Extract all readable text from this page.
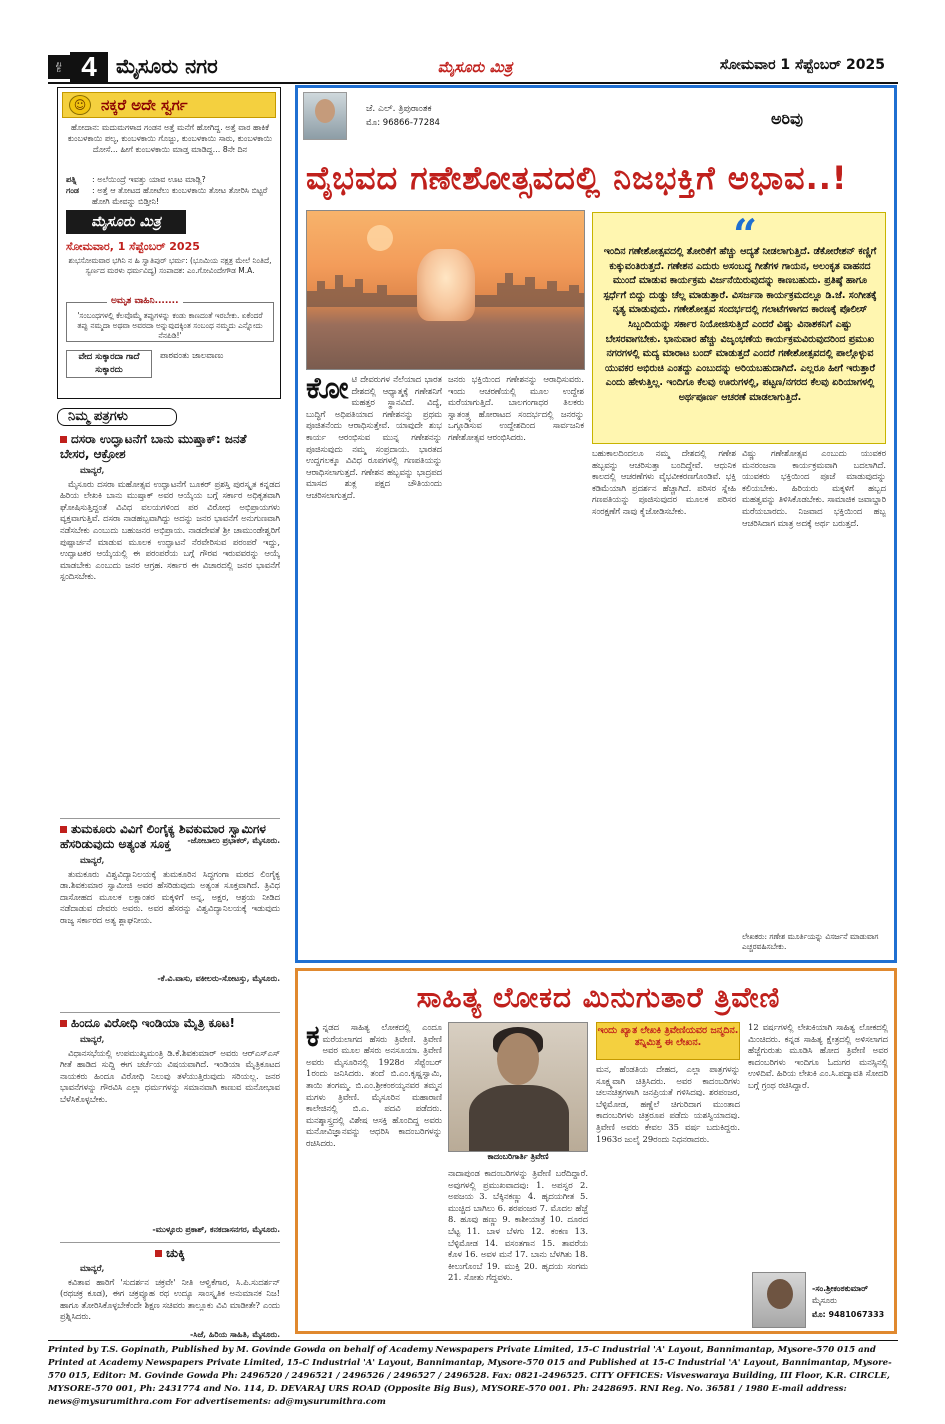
ಪುಟ 4 ಮೈಸೂರು ನಗರ	ಮೈಸೂರು ಮಿತ್ರ	ಸೋಮವಾರ 1 ಸೆಪ್ಟೆಂಬರ್ 2025
☺ ನಕ್ಕರೆ ಅದೇ ಸ್ವರ್ಗ
ಹೋದಾನ: ಮದುಮಗಳಾದ ಗಂಡನ ಅತ್ತೆ ಮನೆಗೆ ಹೋಗಿದ್ದ. ಅತ್ತೆ ವಾರ ಹಾಕಿಕೆ ಕುಂಬಳಕಾಯಿ ಪಲ್ಯ, ಕುಂಬಳಕಾಯಿ ಗೊಜ್ಜು, ಕುಂಬಳಕಾಯಿ ಸಾರು, ಕುಂಬಳಕಾಯಿ ದೋಸೆ... ಹೀಗೆ ಕುಂಬಳಕಾಯಿ ಮಾಡ್ತ ಮಾಡಿದ್ದ... 8ನೇ ದಿನ
ಪತ್ನಿ	: ಅಲೆಯಿಂದ್ರೆ ಇವತ್ತು ಯಾವ ಊಟ ಮಾಡ್ಲಿ?
ಗಂಡ	: ಅತ್ತೆ ಆ ತೋಟದ ಹೋಟೆಲು ಕುಂಬಳಕಾಯಿ ತೋಟ ತೋರಿಸಿ ಬಿಟ್ಟರೆ ಹೋಗಿ ಮೇವನ್ನು ಬಿಡ್ತೀನಿ!
ಮೈಸೂರು ಮಿತ್ರ
ಸೋಮವಾರ, 1 ಸೆಪ್ಟೆಂಬರ್ 2025
ಶುಭಸೋಮವಾರ ಭಗಿನಿ ನ ಹಿ ಸ್ವಾತಿಪುರ್‌ ಭರ್ಮ: (ಭೂಮಿಯ ನಕ್ಷತ್ರ ಮೇಲೆ ನಿಂತಿದೆ, ಸ್ವರ್ಣದ ಮರಳು ಧರ್ಮವಿದ್ಯ) ಸಂಪಾದಕ: ಎಂ.ಗೋವಿಂದೇಗೌಡ M.A.
ಅಮೃತ ವಾಹಿನಿ.......
'ಸಂಬಂಧಗಳಲ್ಲಿ ಕೆಲವೊಮ್ಮೆ ತಪ್ಪುಗಳನ್ನು ಕಂಡು ಕಾಣದಂತೆ ಇರಬೇಕು. ಏಕೆಂದರೆ ತಪ್ಪು ನಮ್ಮದಾ ಅಥವಾ ಅವರದಾ ಅನ್ನುವುದಕ್ಕಿಂತ ಸಂಬಂಧ ನಮ್ಮದು ಎನ್ನೋದು ನೆನಪಿಡಿ!'
ವೇದ ಸುಕ್ಕಾರದಾ ಗಾದೆ ಸುಕ್ಕಾರದು
ಪಾಠವಂತು ಜಾಲವಾಣು
ನಿಮ್ಮ ಪತ್ರಗಳು
ದಸರಾ ಉದ್ಘಾಟನೆಗೆ ಬಾನು ಮುಷ್ತಾಕ್: ಜನತೆ ಬೇಸರ, ಆಕ್ರೋಶ

ಮಾನ್ಯರೆ,

ಮೈಸೂರು ದಸರಾ ಮಹೋತ್ಸವ ಉದ್ಘಾಟನೆಗೆ ಬೂಕರ್ ಪ್ರಶಸ್ತಿ ಪುರಸ್ಕೃತ ಕನ್ನಡದ ಹಿರಿಯ ಲೇಖಕಿ ಬಾನು ಮುಷ್ತಾಕ್ ಅವರ ಆಯ್ಕೆಯ ಬಗ್ಗೆ ಸರ್ಕಾರ ಅಧಿಕೃತವಾಗಿ ಘೋಷಿಸುತ್ತಿದ್ದಂತೆ ವಿವಿಧ ವಲಯಗಳಿಂದ ಪರ ವಿರೋಧ ಅಭಿಪ್ರಾಯಗಳು ವ್ಯಕ್ತವಾಗುತ್ತಿವೆ. ದಸರಾ ನಾಡಹಬ್ಬವಾಗಿದ್ದು ಅದನ್ನು ಜನರ ಭಾವನೆಗೆ ಅನುಗುಣವಾಗಿ ನಡೆಸಬೇಕು ಎಂಬುದು ಬಹುಜನರ ಅಭಿಪ್ರಾಯ. ನಾಡದೇವತೆ ಶ್ರೀ ಚಾಮುಂಡೇಶ್ವರಿಗೆ ಪುಷ್ಪಾರ್ಚನೆ ಮಾಡುವ ಮೂಲಕ ಉದ್ಘಾಟನೆ ನೆರವೇರಿಸುವ ಪರಂಪರೆ ಇದ್ದು, ಉದ್ಘಾಟಕರ ಆಯ್ಕೆಯಲ್ಲಿ ಈ ಪರಂಪರೆಯ ಬಗ್ಗೆ ಗೌರವ ಇರುವವರನ್ನು ಆಯ್ಕೆ ಮಾಡಬೇಕು ಎಂಬುದು ಜನರ ಆಗ್ರಹ. ಸರ್ಕಾರ ಈ ವಿಚಾರದಲ್ಲಿ ಜನರ ಭಾವನೆಗೆ ಸ್ಪಂದಿಸಬೇಕು.

-ಜೋಬಾಲು ಪ್ರಭಾಕರ್, ಮೈಸೂರು.
ತುಮಕೂರು ವಿವಿಗೆ ಲಿಂಗೈಕ್ಯ ಶಿವಕುಮಾರ ಸ್ವಾಮಿಗಳ ಹೆಸರಿಡುವುದು ಅತ್ಯಂತ ಸೂಕ್ತ

ಮಾನ್ಯರೆ,

ತುಮಕೂರು ವಿಶ್ವವಿದ್ಯಾನಿಲಯಕ್ಕೆ ತುಮಕೂರಿನ ಸಿದ್ಧಗಂಗಾ ಮಠದ ಲಿಂಗೈಕ್ಯ ಡಾ.ಶಿವಕುಮಾರ ಸ್ವಾಮೀಜಿ ಅವರ ಹೆಸರಿಡುವುದು ಅತ್ಯಂತ ಸೂಕ್ತವಾಗಿದೆ. ತ್ರಿವಿಧ ದಾಸೋಹದ ಮೂಲಕ ಲಕ್ಷಾಂತರ ಮಕ್ಕಳಿಗೆ ಅನ್ನ, ಅಕ್ಷರ, ಆಶ್ರಯ ನೀಡಿದ ನಡೆದಾಡುವ ದೇವರು ಅವರು. ಅವರ ಹೆಸರನ್ನು ವಿಶ್ವವಿದ್ಯಾನಿಲಯಕ್ಕೆ ಇಡುವುದು ರಾಜ್ಯ ಸರ್ಕಾರದ ಅತ್ಯ ಶ್ಲಾಘನೀಯ.

-ಕೆ.ವಿ.ವಾಸು, ವಕೀಲರು-ಸೋಟಸ್ತು, ಮೈಸೂರು.
ಹಿಂದೂ ವಿರೋಧಿ ಇಂಡಿಯಾ ಮೈತ್ರಿ ಕೂಟ!

ಮಾನ್ಯರೆ,

ವಿಧಾನಸಭೆಯಲ್ಲಿ ಉಪಮುಖ್ಯಮಂತ್ರಿ ಡಿ.ಕೆ.ಶಿವಕುಮಾರ್ ಅವರು ಆರ್‌ಎಸ್‌ಎಸ್ ಗೀತೆ ಹಾಡಿದ ಸುದ್ದಿ ಈಗ ಚರ್ಚೆಯ ವಿಷಯವಾಗಿದೆ. ಇಂಡಿಯಾ ಮೈತ್ರಿಕೂಟದ ನಾಯಕರು ಹಿಂದೂ ವಿರೋಧಿ ನಿಲುವು ತಳೆಯುತ್ತಿರುವುದು ಸರಿಯಲ್ಲ. ಜನರ ಭಾವನೆಗಳನ್ನು ಗೌರವಿಸಿ ಎಲ್ಲಾ ಧರ್ಮಗಳನ್ನು ಸಮಾನವಾಗಿ ಕಾಣುವ ಮನೋಭಾವ ಬೆಳೆಸಿಕೊಳ್ಳಬೇಕು.

-ಮುಳ್ಳೂರು ಪ್ರಕಾಶ್, ಕನಕದಾಸನಗರ, ಮೈಸೂರು.
ಚುಕ್ಕಿ

ಮಾನ್ಯರೆ,

ಕವಿತಾವ ಹಾರಿಗೆ 'ಸುದರ್ಶನ ಚಕ್ರವೇ' ನೀತಿ ಆಳ್ವಿಕೆಗಾರ, ಸಿ.ಪಿ.ಸುದರ್ಶನ್ (ರಥಚಕ್ರ ಕೂಡ), ಈಗ ಚಕ್ರವ್ಯೂಹ ರಥ ಉದ್ಯೂ ಸಾಂಸ್ಕೃತಿಕ ಅನುಮಾನಕ ನಿಜ! ಹಾಗೂ ತೋರಿಸಿಕೊಳ್ಳಬೇಕೆಂದೇ ಶಿಕ್ಷಣ ಸಚಿವರು ತಾಲ್ಲೂಕು ವಿವಿ ಮಾಡೀತೇ? ಎಂದು ಪ್ರಶ್ನಿಸಿದರು.

-ಸಿಜೆ, ಹಿರಿಯ ಸಾಹಿತಿ, ಮೈಸೂರು.
ಜೆ. ಎಲ್. ತ್ರಿಪುರಾಂತಕ
ಮೊ: 96866-77284	ಅರಿವು
ವೈಭವದ ಗಣೇಶೋತ್ಸವದಲ್ಲಿ ನಿಜಭಕ್ತಿಗೆ ಅಭಾವ..!
“
ಇಂದಿನ ಗಣೇಶೋತ್ಸವದಲ್ಲಿ ತೋರಿಕೆಗೆ ಹೆಚ್ಚು ಆದ್ಯತೆ ನೀಡಲಾಗುತ್ತಿದೆ. ಡೆಕೋರೇಶನ್ ಕಣ್ಣಿಗೆ ಕುಕ್ಕುವಂತಿರುತ್ತದೆ. ಗಣೇಶನ ಎದುರು ಅಸಂಬದ್ಧ ಗೀತೆಗಳ ಗಾಯನ, ಅಲಂಕೃತ ವಾಹನದ ಮುಂದೆ ಮಾಡುವ ಕಾರ್ಯಕ್ರಮ ವಿರ್ಜನೆಯಿರುವುದನ್ನು ಕಾಣಬಹುದು. ಪ್ರತಿಷ್ಠೆ ಹಾಗೂ ಸ್ಪರ್ಧೆಗೆ ಬಿದ್ದು ದುಡ್ಡು ಚೆಲ್ಲ ಮಾಡುತ್ತಾರೆ. ವಿಸರ್ಜನಾ ಕಾರ್ಯಕ್ರಮದಲ್ಲೂ ಡಿ.ಜೆ. ಸಂಗೀತಕ್ಕೆ ನೃತ್ಯ ಮಾಡುವುದು. ಗಣೇಶೋತ್ಸವ ಸಂದರ್ಭದಲ್ಲಿ ಗಲಾಟೆಗಳಾಗದ ಕಾರಣಕ್ಕೆ ಪೊಲೀಸ್ ಸಿಬ್ಬಂದಿಯನ್ನು ಸರ್ಕಾರ ನಿಯೋಜಿಸುತ್ತಿದೆ ಎಂದರೆ ವಿಷ್ಣು ವಿನಾಶಕನಿಗೆ ಎಷ್ಟು ಬೇಸರವಾಗಬೇಕು. ಭಾನುವಾರ ಹೆಚ್ಚು ವಿಜೃಂಭಣೆಯ ಕಾರ್ಯಕ್ರಮವಿರುವುದರಿಂದ ಪ್ರಮುಖ ನಗರಗಳಲ್ಲಿ ಮದ್ಯ ಮಾರಾಟ ಬಂದ್ ಮಾಡುತ್ತದೆ ಎಂದರೆ ಗಣೇಶೋತ್ಸವದಲ್ಲಿ ಪಾಲ್ಗೊಳ್ಳುವ ಯುವಕರ ಅಭಿರುಚಿ ಎಂತದ್ದು ಎಂಬುದನ್ನು ಅರಿಯಬಹುದಾಗಿದೆ. ಎಲ್ಲರೂ ಹೀಗೆ ಇರುತ್ತಾರೆ ಎಂದು ಹೇಳುತ್ತಿಲ್ಲ. ಇಂದಿಗೂ ಕೆಲವು ಊರುಗಳಲ್ಲಿ, ಪಟ್ಟಣ/ನಗರದ ಕೆಲವು ಏರಿಯಾಗಳಲ್ಲಿ ಅರ್ಥಪೂರ್ಣ ಆಚರಣೆ ಮಾಡಲಾಗುತ್ತಿದೆ.
ಕೋ ಟಿ ದೇವರುಗಳ ನೆಲೆಯಾದ ಭಾರತ ದೇಶದಲ್ಲಿ ಆಧ್ಯಾತ್ಮಕ್ಕೆ ಗಣೇಶನಿಗೆ ಮಹತ್ತರ ಸ್ಥಾನವಿದೆ. ವಿದ್ಯೆ, ಬುದ್ಧಿಗೆ ಅಧಿಪತಿಯಾದ ಗಣೇಶನನ್ನು ಪ್ರಥಮ ಪೂಜಿತನೆಂದು ಆರಾಧಿಸುತ್ತೇವೆ. ಯಾವುದೇ ಶುಭ ಕಾರ್ಯ ಆರಂಭಿಸುವ ಮುನ್ನ ಗಣೇಶನನ್ನು ಪೂಜಿಸುವುದು ನಮ್ಮ ಸಂಪ್ರದಾಯ. ಭಾರತದ ಉದ್ದಗಲಕ್ಕೂ ವಿವಿಧ ರೂಪಗಳಲ್ಲಿ ಗಣಪತಿಯನ್ನು ಆರಾಧಿಸಲಾಗುತ್ತದೆ. ಗಣೇಶನ ಹಬ್ಬವನ್ನು ಭಾದ್ರಪದ ಮಾಸದ ಶುಕ್ಲ ಪಕ್ಷದ ಚೌತಿಯಂದು ಆಚರಿಸಲಾಗುತ್ತದೆ.
ಜನರು ಭಕ್ತಿಯಿಂದ ಗಣೇಶನನ್ನು ಆರಾಧಿಸುವರು. ಇಂದು ಆಚರಣೆಯಲ್ಲಿ ಮೂಲ ಉದ್ದೇಶ ಮರೆಯಾಗುತ್ತಿದೆ. ಬಾಲಗಂಗಾಧರ ತಿಲಕರು ಸ್ವಾತಂತ್ರ್ಯ ಹೋರಾಟದ ಸಂದರ್ಭದಲ್ಲಿ ಜನರನ್ನು ಒಗ್ಗೂಡಿಸುವ ಉದ್ದೇಶದಿಂದ ಸಾರ್ವಜನಿಕ ಗಣೇಶೋತ್ಸವ ಆರಂಭಿಸಿದರು.
ಬಹುಕಾಲದಿಂದಲೂ ನಮ್ಮ ದೇಶದಲ್ಲಿ ಗಣೇಶ ಹಬ್ಬವನ್ನು ಆಚರಿಸುತ್ತಾ ಬಂದಿದ್ದೇವೆ. ಆಧುನಿಕ ಕಾಲದಲ್ಲಿ ಆಚರಣೆಗಳು ವೈಭವೀಕರಣಗೊಂಡಿವೆ. ಭಕ್ತಿ ಕಡಿಮೆಯಾಗಿ ಪ್ರದರ್ಶನ ಹೆಚ್ಚಾಗಿದೆ. ಪರಿಸರ ಸ್ನೇಹಿ ಗಣಪತಿಯನ್ನು ಪೂಜಿಸುವುದರ ಮೂಲಕ ಪರಿಸರ ಸಂರಕ್ಷಣೆಗೆ ನಾವು ಕೈಜೋಡಿಸಬೇಕು.
ವಿಷ್ಣು ಗಣೇಶೋತ್ಸವ ಎಂಬುದು ಯುವಕರ ಮನರಂಜನಾ ಕಾರ್ಯಕ್ರಮವಾಗಿ ಬದಲಾಗಿದೆ. ಯುವಕರು ಭಕ್ತಿಯಿಂದ ಪೂಜೆ ಮಾಡುವುದನ್ನು ಕಲಿಯಬೇಕು. ಹಿರಿಯರು ಮಕ್ಕಳಿಗೆ ಹಬ್ಬದ ಮಹತ್ವವನ್ನು ತಿಳಿಸಿಕೊಡಬೇಕು. ಸಾಮಾಜಿಕ ಜವಾಬ್ದಾರಿ ಮರೆಯಬಾರದು. ನಿಜವಾದ ಭಕ್ತಿಯಿಂದ ಹಬ್ಬ ಆಚರಿಸಿದಾಗ ಮಾತ್ರ ಅದಕ್ಕೆ ಅರ್ಥ ಬರುತ್ತದೆ.
ಲೇಖಕರು: ಗಣೇಶ ಮೂರ್ತಿಯನ್ನು ವಿಸರ್ಜನೆ ಮಾಡುವಾಗ ಎಚ್ಚರವಹಿಸಬೇಕು.
ಸಾಹಿತ್ಯ ಲೋಕದ ಮಿನುಗುತಾರೆ ತ್ರಿವೇಣಿ
ಕ ನ್ನಡದ ಸಾಹಿತ್ಯ ಲೋಕದಲ್ಲಿ ಎಂದೂ ಮರೆಯಲಾಗದ ಹೆಸರು ತ್ರಿವೇಣಿ. ತ್ರಿವೇಣಿ ಅವರ ಮೂಲ ಹೆಸರು ಅನಸೂಯಾ. ತ್ರಿವೇಣಿ ಅವರು ಮೈಸೂರಿನಲ್ಲಿ 1928ರ ಸೆಪ್ಟೆಂಬರ್ 1ರಂದು ಜನಿಸಿದರು. ತಂದೆ ಬಿ.ಎಂ.ಕೃಷ್ಣಸ್ವಾಮಿ, ತಾಯಿ ತಂಗಮ್ಮ. ಬಿ.ಎಂ.ಶ್ರೀಕಂಠಯ್ಯನವರ ತಮ್ಮನ ಮಗಳು ತ್ರಿವೇಣಿ. ಮೈಸೂರಿನ ಮಹಾರಾಣಿ ಕಾಲೇಜಿನಲ್ಲಿ ಬಿ.ಎ. ಪದವಿ ಪಡೆದರು. ಮನಶ್ಶಾಸ್ತ್ರದಲ್ಲಿ ವಿಶೇಷ ಆಸಕ್ತಿ ಹೊಂದಿದ್ದ ಅವರು ಮನೋವಿಜ್ಞಾನವನ್ನು ಆಧರಿಸಿ ಕಾದಂಬರಿಗಳನ್ನು ರಚಿಸಿದರು.
ಕಾದಂಬರಿಗಾರ್ತಿ ತ್ರಿವೇಣಿ
ನಾದಾಪುಂಡ ಕಾದಂಬರಿಗಳನ್ನು ತ್ರಿವೇಣಿ ಬರೆದಿದ್ದಾರೆ. ಅವುಗಳಲ್ಲಿ ಪ್ರಮುಖವಾದವು: 1. ಅಪಸ್ವರ 2. ಅಪಜಯ 3. ಬೆಕ್ಕಿನಕಣ್ಣು 4. ಹೃದಯಗೀತ 5. ಮುಚ್ಚಿದ ಬಾಗಿಲು 6. ಶರಪಂಜರ 7. ಮೊದಲ ಹೆಜ್ಜೆ 8. ಹೂವು ಹಣ್ಣು 9. ಕಾಶೀಯಾತ್ರೆ 10. ದೂರದ ಬೆಟ್ಟ 11. ಬಾಳ ಬೆಳಗು 12. ಕಂಕಣ 13. ಬೆಳ್ಳಿಮೋಡ 14. ವಸಂತಗಾನ 15. ತಾವರೆಯ ಕೊಳ 16. ಅವಳ ಮನೆ 17. ಬಾನು ಬೆಳಗಿತು 18. ಕೀಲುಗೊಂಬೆ 19. ಮುಕ್ತಿ 20. ಹೃದಯ ಸಂಗಮ 21. ಸೋತು ಗೆದ್ದವಳು.
ಇಂದು ಖ್ಯಾತ ಲೇಖಕಿ ತ್ರಿವೇಣಿಯವರ ಜನ್ಮದಿನ. ತನ್ನಿಮಿತ್ತ ಈ ಲೇಖನ.
ಮನ, ಹೆಂಡತಿಯ ದೇಹದ, ಎಲ್ಲಾ ಪಾತ್ರಗಳನ್ನು ಸೂಕ್ಷ್ಮವಾಗಿ ಚಿತ್ರಿಸಿದರು. ಅವರ ಕಾದಂಬರಿಗಳು ಚಲನಚಿತ್ರಗಳಾಗಿ ಜನಪ್ರಿಯತೆ ಗಳಿಸಿದವು. ಶರಪಂಜರ, ಬೆಳ್ಳಿಮೋಡ, ಹಣ್ಣೆಲೆ ಚಿಗುರಿದಾಗ ಮುಂತಾದ ಕಾದಂಬರಿಗಳು ಚಿತ್ರರೂಪ ಪಡೆದು ಯಶಸ್ವಿಯಾದವು. ತ್ರಿವೇಣಿ ಅವರು ಕೇವಲ 35 ವರ್ಷ ಬದುಕಿದ್ದರು. 1963ರ ಜುಲೈ 29ರಂದು ನಿಧನರಾದರು.
12 ವರ್ಷಗಳಲ್ಲಿ ಲೇಖಕಿಯಾಗಿ ಸಾಹಿತ್ಯ ಲೋಕದಲ್ಲಿ ಮಿಂಚಿದರು. ಕನ್ನಡ ಸಾಹಿತ್ಯ ಕ್ಷೇತ್ರದಲ್ಲಿ ಅಳಿಸಲಾಗದ ಹೆಜ್ಜೆಗುರುತು ಮೂಡಿಸಿ ಹೋದ ತ್ರಿವೇಣಿ ಅವರ ಕಾದಂಬರಿಗಳು ಇಂದಿಗೂ ಓದುಗರ ಮನಸ್ಸಿನಲ್ಲಿ ಉಳಿದಿವೆ. ಹಿರಿಯ ಲೇಖಕಿ ಎಂ.ಸಿ.ಪದ್ಮಾವತಿ ಸೋದರಿ ಬಗ್ಗೆ ಗ್ರಂಥ ರಚಿಸಿದ್ದಾರೆ.
-ಸಂ.ಶ್ರೀಕಂಠಕುಮಾರ್
ಮೈಸೂರು
ಮೊ: 9481067333
Printed by T.S. Gopinath, Published by M. Govinde Gowda on behalf of Academy Newspapers Private Limited, 15-C Industrial 'A' Layout, Bannimantap, Mysore-570 015 and Printed at Academy Newspapers Private Limited, 15-C Industrial 'A' Layout, Bannimantap, Mysore-570 015 and Published at 15-C Industrial 'A' Layout, Bannimantap, Mysore-570 015, Editor: M. Govinde Gowda Ph: 2496520 / 2496521 / 2496526 / 2496527 / 2496528. Fax: 0821-2496525. CITY OFFICES: Visveswaraya Building, III Floor, K.R. CIRCLE, MYSORE-570 001, Ph: 2431774 and No. 114, D. DEVARAJ URS ROAD (Opposite Big Bus), MYSORE-570 001. Ph: 2428695. RNI Reg. No. 36581 / 1980 E-mail address: news@mysurumithra.com For advertisements: ad@mysurumithra.com
